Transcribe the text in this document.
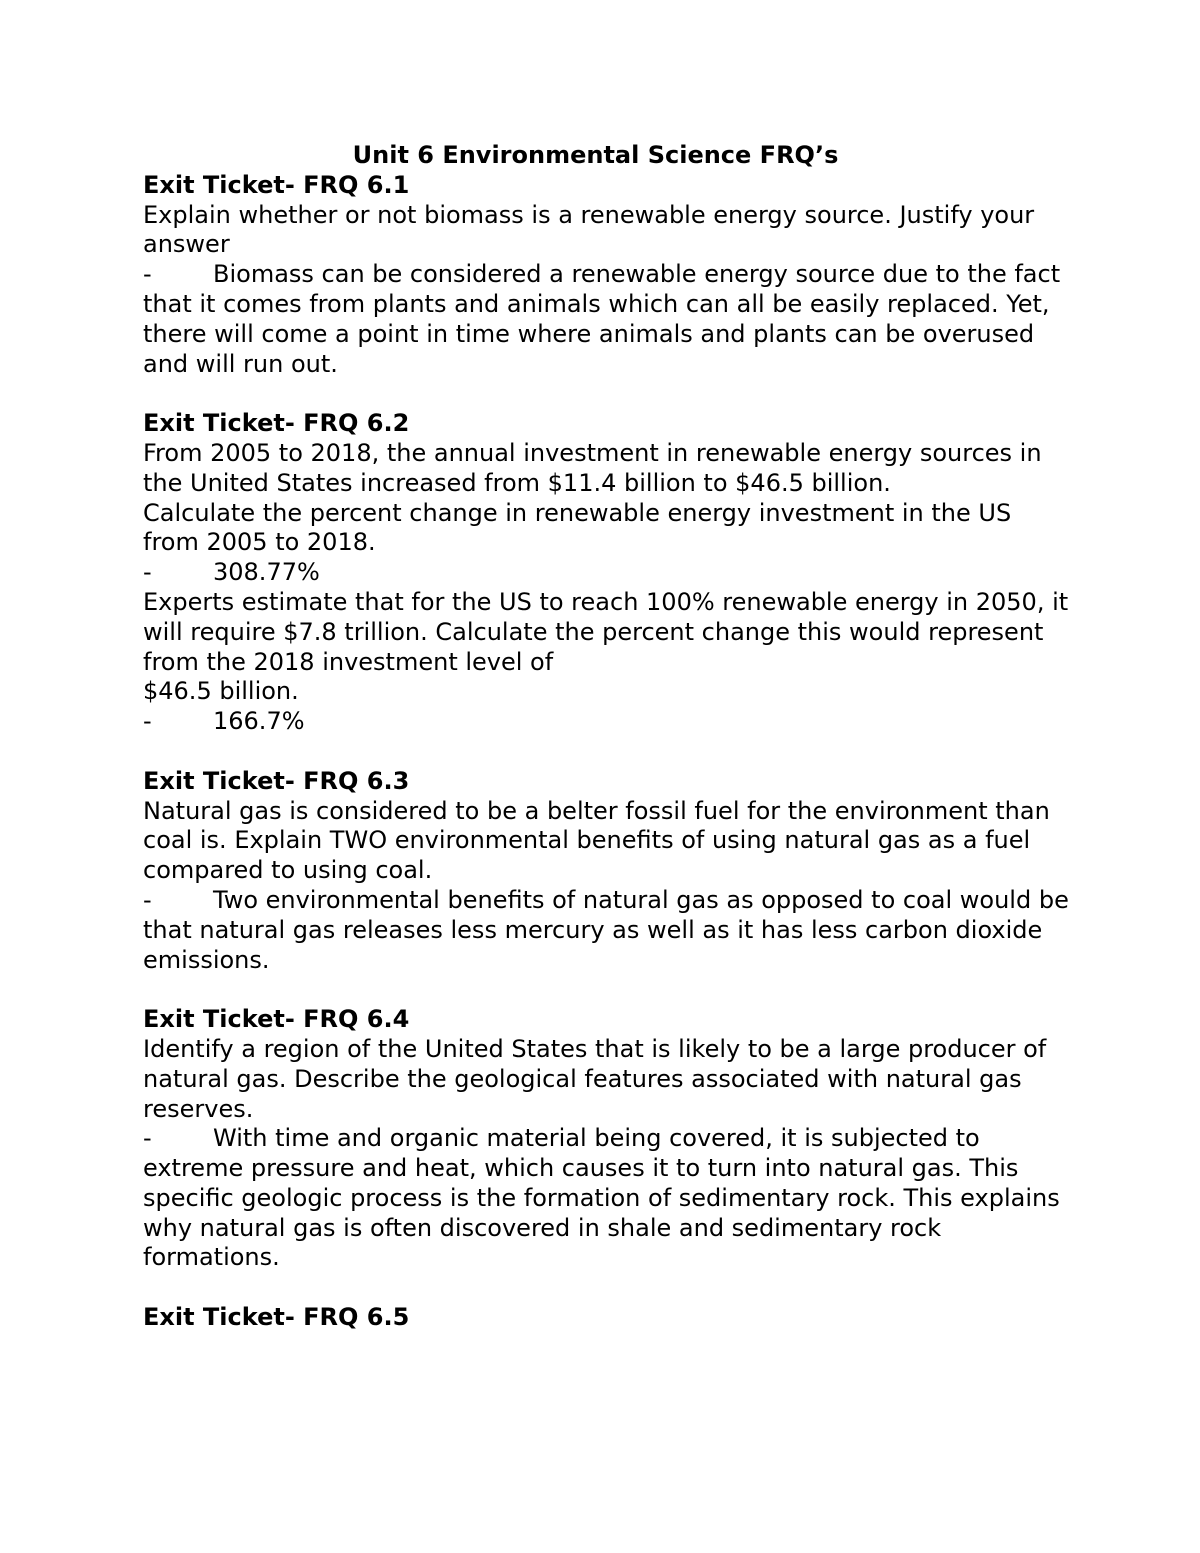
Unit 6 Environmental Science FRQ’s

Exit Ticket- FRQ 6.1

Explain whether or not biomass is a renewable energy source. Justify your answer

-	Biomass can be considered a renewable energy source due to the fact that it comes from plants and animals which can all be easily replaced. Yet, there will come a point in time where animals and plants can be overused and will run out.

Exit Ticket- FRQ 6.2

From 2005 to 2018, the annual investment in renewable energy sources in the United States increased from $11.4 billion to $46.5 billion.

Calculate the percent change in renewable energy investment in the US from 2005 to 2018.

-	308.77%

Experts estimate that for the US to reach 100% renewable energy in 2050, it will require $7.8 trillion. Calculate the percent change this would represent from the 2018 investment level of

$46.5 billion.

-	166.7%

Exit Ticket- FRQ 6.3

Natural gas is considered to be a belter fossil fuel for the environment than coal is. Explain TWO environmental benefits of using natural gas as a fuel compared to using coal.

-	Two environmental benefits of natural gas as opposed to coal would be that natural gas releases less mercury as well as it has less carbon dioxide emissions.

Exit Ticket- FRQ 6.4

Identify a region of the United States that is likely to be a large producer of natural gas. Describe the geological features associated with natural gas reserves.

-	With time and organic material being covered, it is subjected to extreme pressure and heat, which causes it to turn into natural gas. This specific geologic process is the formation of sedimentary rock. This explains why natural gas is often discovered in shale and sedimentary rock formations.

Exit Ticket- FRQ 6.5
